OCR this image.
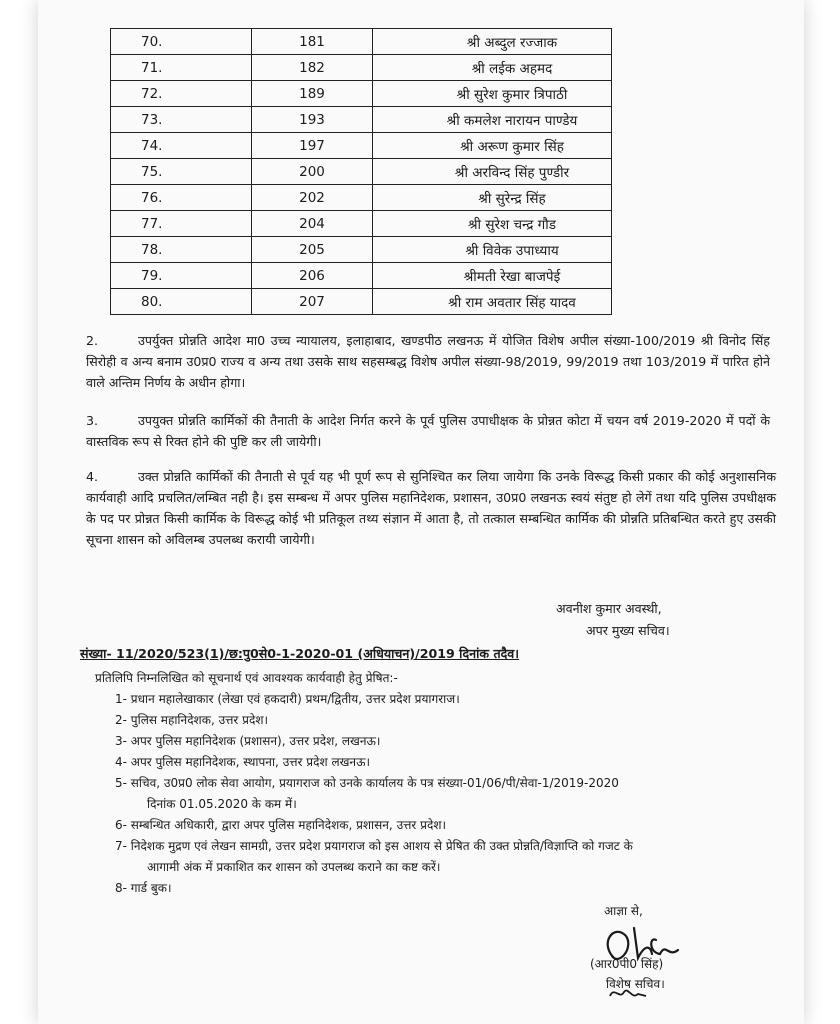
70.	181	श्री अब्दुल रज्जाक
71.	182	श्री लईक अहमद
72.	189	श्री सुरेश कुमार त्रिपाठी
73.	193	श्री कमलेश नारायन पाण्डेय
74.	197	श्री अरूण कुमार सिंह
75.	200	श्री अरविन्द सिंह पुण्डीर
76.	202	श्री सुरेन्द्र सिंह
77.	204	श्री सुरेश चन्द्र गौड
78.	205	श्री विवेक उपाध्याय
79.	206	श्रीमती रेखा बाजपेई
80.	207	श्री राम अवतार सिंह यादव
2.	उपर्युक्त प्रोन्नति आदेश मा0 उच्च न्यायालय, इलाहाबाद, खण्डपीठ लखनऊ में योजित विशेष अपील संख्या-100/2019 श्री विनोद सिंह सिरोही व अन्य बनाम उ0प्र0 राज्य व अन्य तथा उसके साथ सहसम्बद्ध विशेष अपील संख्या-98/2019, 99/2019 तथा 103/2019 में पारित होने वाले अन्तिम निर्णय के अधीन होगा।
3.	उपयुक्त प्रोन्नति कार्मिकों की तैनाती के आदेश निर्गत करने के पूर्व पुलिस उपाधीक्षक के प्रोन्नत कोटा में चयन वर्ष 2019-2020 में पदों के वास्तविक रूप से रिक्त होने की पुष्टि कर ली जायेगी।
4.	उक्त प्रोन्नति कार्मिकों की तैनाती से पूर्व यह भी पूर्ण रूप से सुनिश्चित कर लिया जायेगा कि उनके विरूद्ध किसी प्रकार की कोई अनुशासनिक कार्यवाही आदि प्रचलित/लम्बित नही है। इस सम्बन्ध में अपर पुलिस महानिदेशक, प्रशासन, उ0प्र0 लखनऊ स्वयं संतुष्ट हो लेगें तथा यदि पुलिस उपधीक्षक के पद पर प्रोन्नत किसी कार्मिक के विरूद्ध कोई भी प्रतिकूल तथ्य संज्ञान में आता है, तो तत्काल सम्बन्धित कार्मिक की प्रोन्नति प्रतिबन्धित करते हुए उसकी सूचना शासन को अविलम्ब उपलब्ध करायी जायेगी।
अवनीश कुमार अवस्थी,
अपर मुख्य सचिव।
संख्या- 11/2020/523(1)/छ:पु0से0-1-2020-01 (अधियाचन)/2019 दिनांक तदैव।
प्रतिलिपि निम्नलिखित को सूचनार्थ एवं आवश्यक कार्यवाही हेतु प्रेषित:-
1- प्रधान महालेखाकार (लेखा एवं हकदारी) प्रथम/द्वितीय, उत्तर प्रदेश प्रयागराज।
2- पुलिस महानिदेशक, उत्तर प्रदेश।
3- अपर पुलिस महानिदेशक (प्रशासन), उत्तर प्रदेश, लखनऊ।
4- अपर पुलिस महानिदेशक, स्थापना, उत्तर प्रदेश लखनऊ।
5- सचिव, उ0प्र0 लोक सेवा आयोग, प्रयागराज को उनके कार्यालय के पत्र संख्या-01/06/पी/सेवा-1/2019-2020
दिनांक 01.05.2020 के कम में।
6- सम्बन्धित अधिकारी, द्वारा अपर पुलिस महानिदेशक, प्रशासन, उत्तर प्रदेश।
7- निदेशक मुद्रण एवं लेखन सामग्री, उत्तर प्रदेश प्रयागराज को इस आशय से प्रेषित की उक्त प्रोन्नति/विज्ञाप्ति को गजट के
आगामी अंक में प्रकाशित कर शासन को उपलब्ध कराने का कष्ट करें।
8- गार्ड बुक।
आज्ञा से,
(आर0पी0 सिंह)
विशेष सचिव।
